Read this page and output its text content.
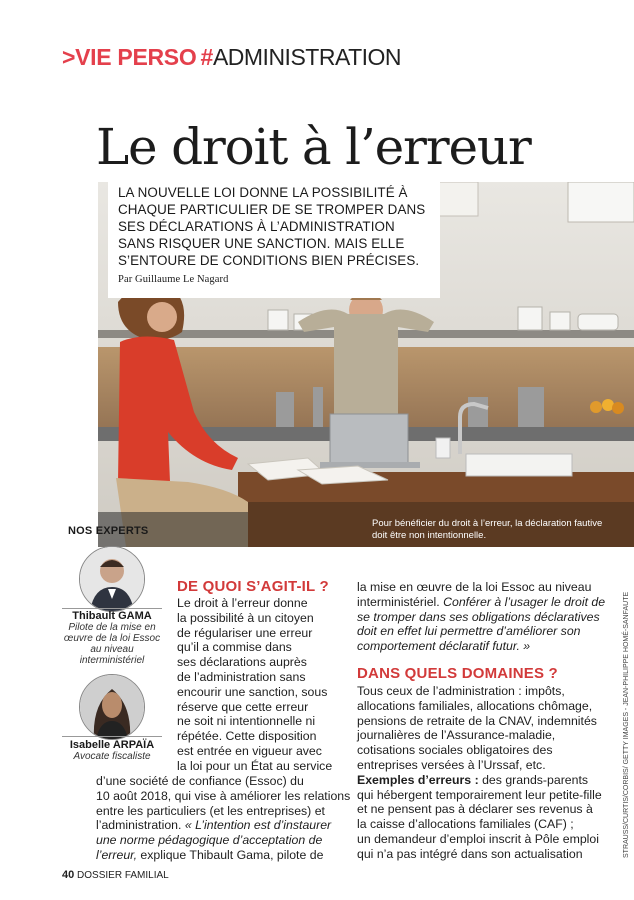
>VIE PERSO #ADMINISTRATION
Le droit à l’erreur
LA NOUVELLE LOI DONNE LA POSSIBILITÉ À CHAQUE PARTICULIER DE SE TROMPER DANS SES DÉCLARATIONS À L’ADMINISTRATION SANS RISQUER UNE SANCTION. MAIS ELLE S’ENTOURE DE CONDITIONS BIEN PRÉCISES. Par Guillaume Le Nagard
Pour bénéficier du droit à l’erreur, la déclaration fautive doit être non intentionnelle.
NOS EXPERTS
Thibault GAMA
Pilote de la mise en œuvre de la loi Essoc au niveau interministériel
Isabelle ARPAÏA
Avocate fiscaliste
DE QUOI S’AGIT-IL ?
Le droit à l’erreur donne
la possibilité à un citoyen
de régulariser une erreur
qu’il a commise dans
ses déclarations auprès
de l’administration sans
encourir une sanction, sous
réserve que cette erreur
ne soit ni intentionnelle ni
répétée. Cette disposition
est entrée en vigueur avec
la loi pour un État au service
d’une société de confiance (Essoc) du
10 août 2018, qui vise à améliorer les relations
entre les particuliers (et les entreprises) et
l’administration. « L’intention est d’instaurer
une norme pédagogique d’acceptation de
l’erreur, explique Thibault Gama, pilote de
la mise en œuvre de la loi Essoc au niveau
interministériel. Conférer à l’usager le droit de
se tromper dans ses obligations déclaratives
doit en effet lui permettre d’améliorer son
comportement déclaratif futur. »
DANS QUELS DOMAINES ?
Tous ceux de l’administration : impôts,
allocations familiales, allocations chômage,
pensions de retraite de la CNAV, indemnités
journalières de l’Assurance-maladie,
cotisations sociales obligatoires des
entreprises versées à l’Urssaf, etc.
Exemples d’erreurs : des grands-parents
qui hébergent temporairement leur petite-fille
et ne pensent pas à déclarer ses revenus à
la caisse d’allocations familiales (CAF) ;
un demandeur d’emploi inscrit à Pôle emploi
qui n’a pas intégré dans son actualisation	STRAUSS/CURTIS/CORBIS/ GETTY IMAGES - JEAN-PHILIPPE HOMÉ-SANFAUTE
40 DOSSIER FAMILIAL
